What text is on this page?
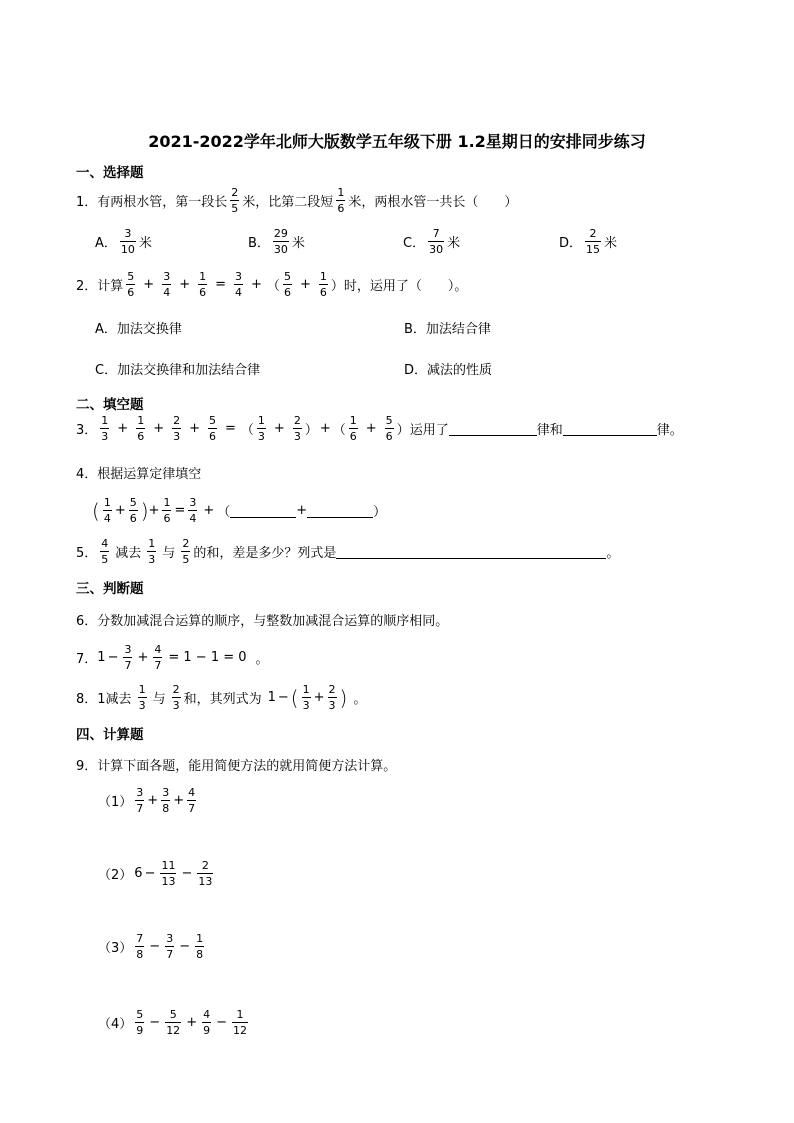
2021-2022学年北师大版数学五年级下册 1.2星期日的安排同步练习
一、选择题
1． 有两根水管，第一段长 $\frac{2}{5}$ 米，比第二段短 $\frac{1}{6}$ 米，两根水管一共长（　　）
A． $\frac{3}{10}$ 米	B． $\frac{29}{30}$ 米	C． $\frac{7}{30}$ 米	D． $\frac{2}{15}$ 米
2． 计算 $\frac{5}{6} + \frac{3}{4} + \frac{1}{6} = \frac{3}{4}$ + （ $\frac{5}{6} + \frac{1}{6}$ ） 时，运用了（　　）。
A．加法交换律	B．加法结合律
C．加法交换律和加法结合律	D．减法的性质
二、填空题
3． $\frac{1}{3} + \frac{1}{6} + \frac{2}{3} + \frac{5}{6}$ = （ $\frac{1}{3} + \frac{2}{3}$ ） + （ $\frac{1}{6} + \frac{5}{6}$ ） 运用了	律和	律。
4． 根据运算定律填空
( $\frac{1}{4} + \frac{5}{6}$ ) + $\frac{1}{6} = \frac{3}{4}$ + （	+	）
5． $\frac{4}{5}$ 减去 $\frac{1}{3}$ 与 $\frac{2}{5}$ 的和，差是多少？列式是	。
三、判断题
6． 分数加减混合运算的顺序，与整数加减混合运算的顺序相同。
7． $1 - \frac{3}{7} + \frac{4}{7} = 1 - 1 = 0$ 。
8． 1减去 $\frac{1}{3}$ 与 $\frac{2}{3}$ 和，其列式为 1 − ( $\frac{1}{3} + \frac{2}{3}$ ) 。
四、计算题
9． 计算下面各题，能用简便方法的就用简便方法计算。
$(1) \frac{3}{7} + \frac{3}{8} + \frac{4}{7}$
（2） $6 - \frac{11}{13} - \frac{2}{13}$
$(3) \frac{7}{8} - \frac{3}{7} - \frac{1}{8}$
$(4) \frac{5}{9} - \frac{5}{12} + \frac{4}{9} - \frac{1}{12}$
